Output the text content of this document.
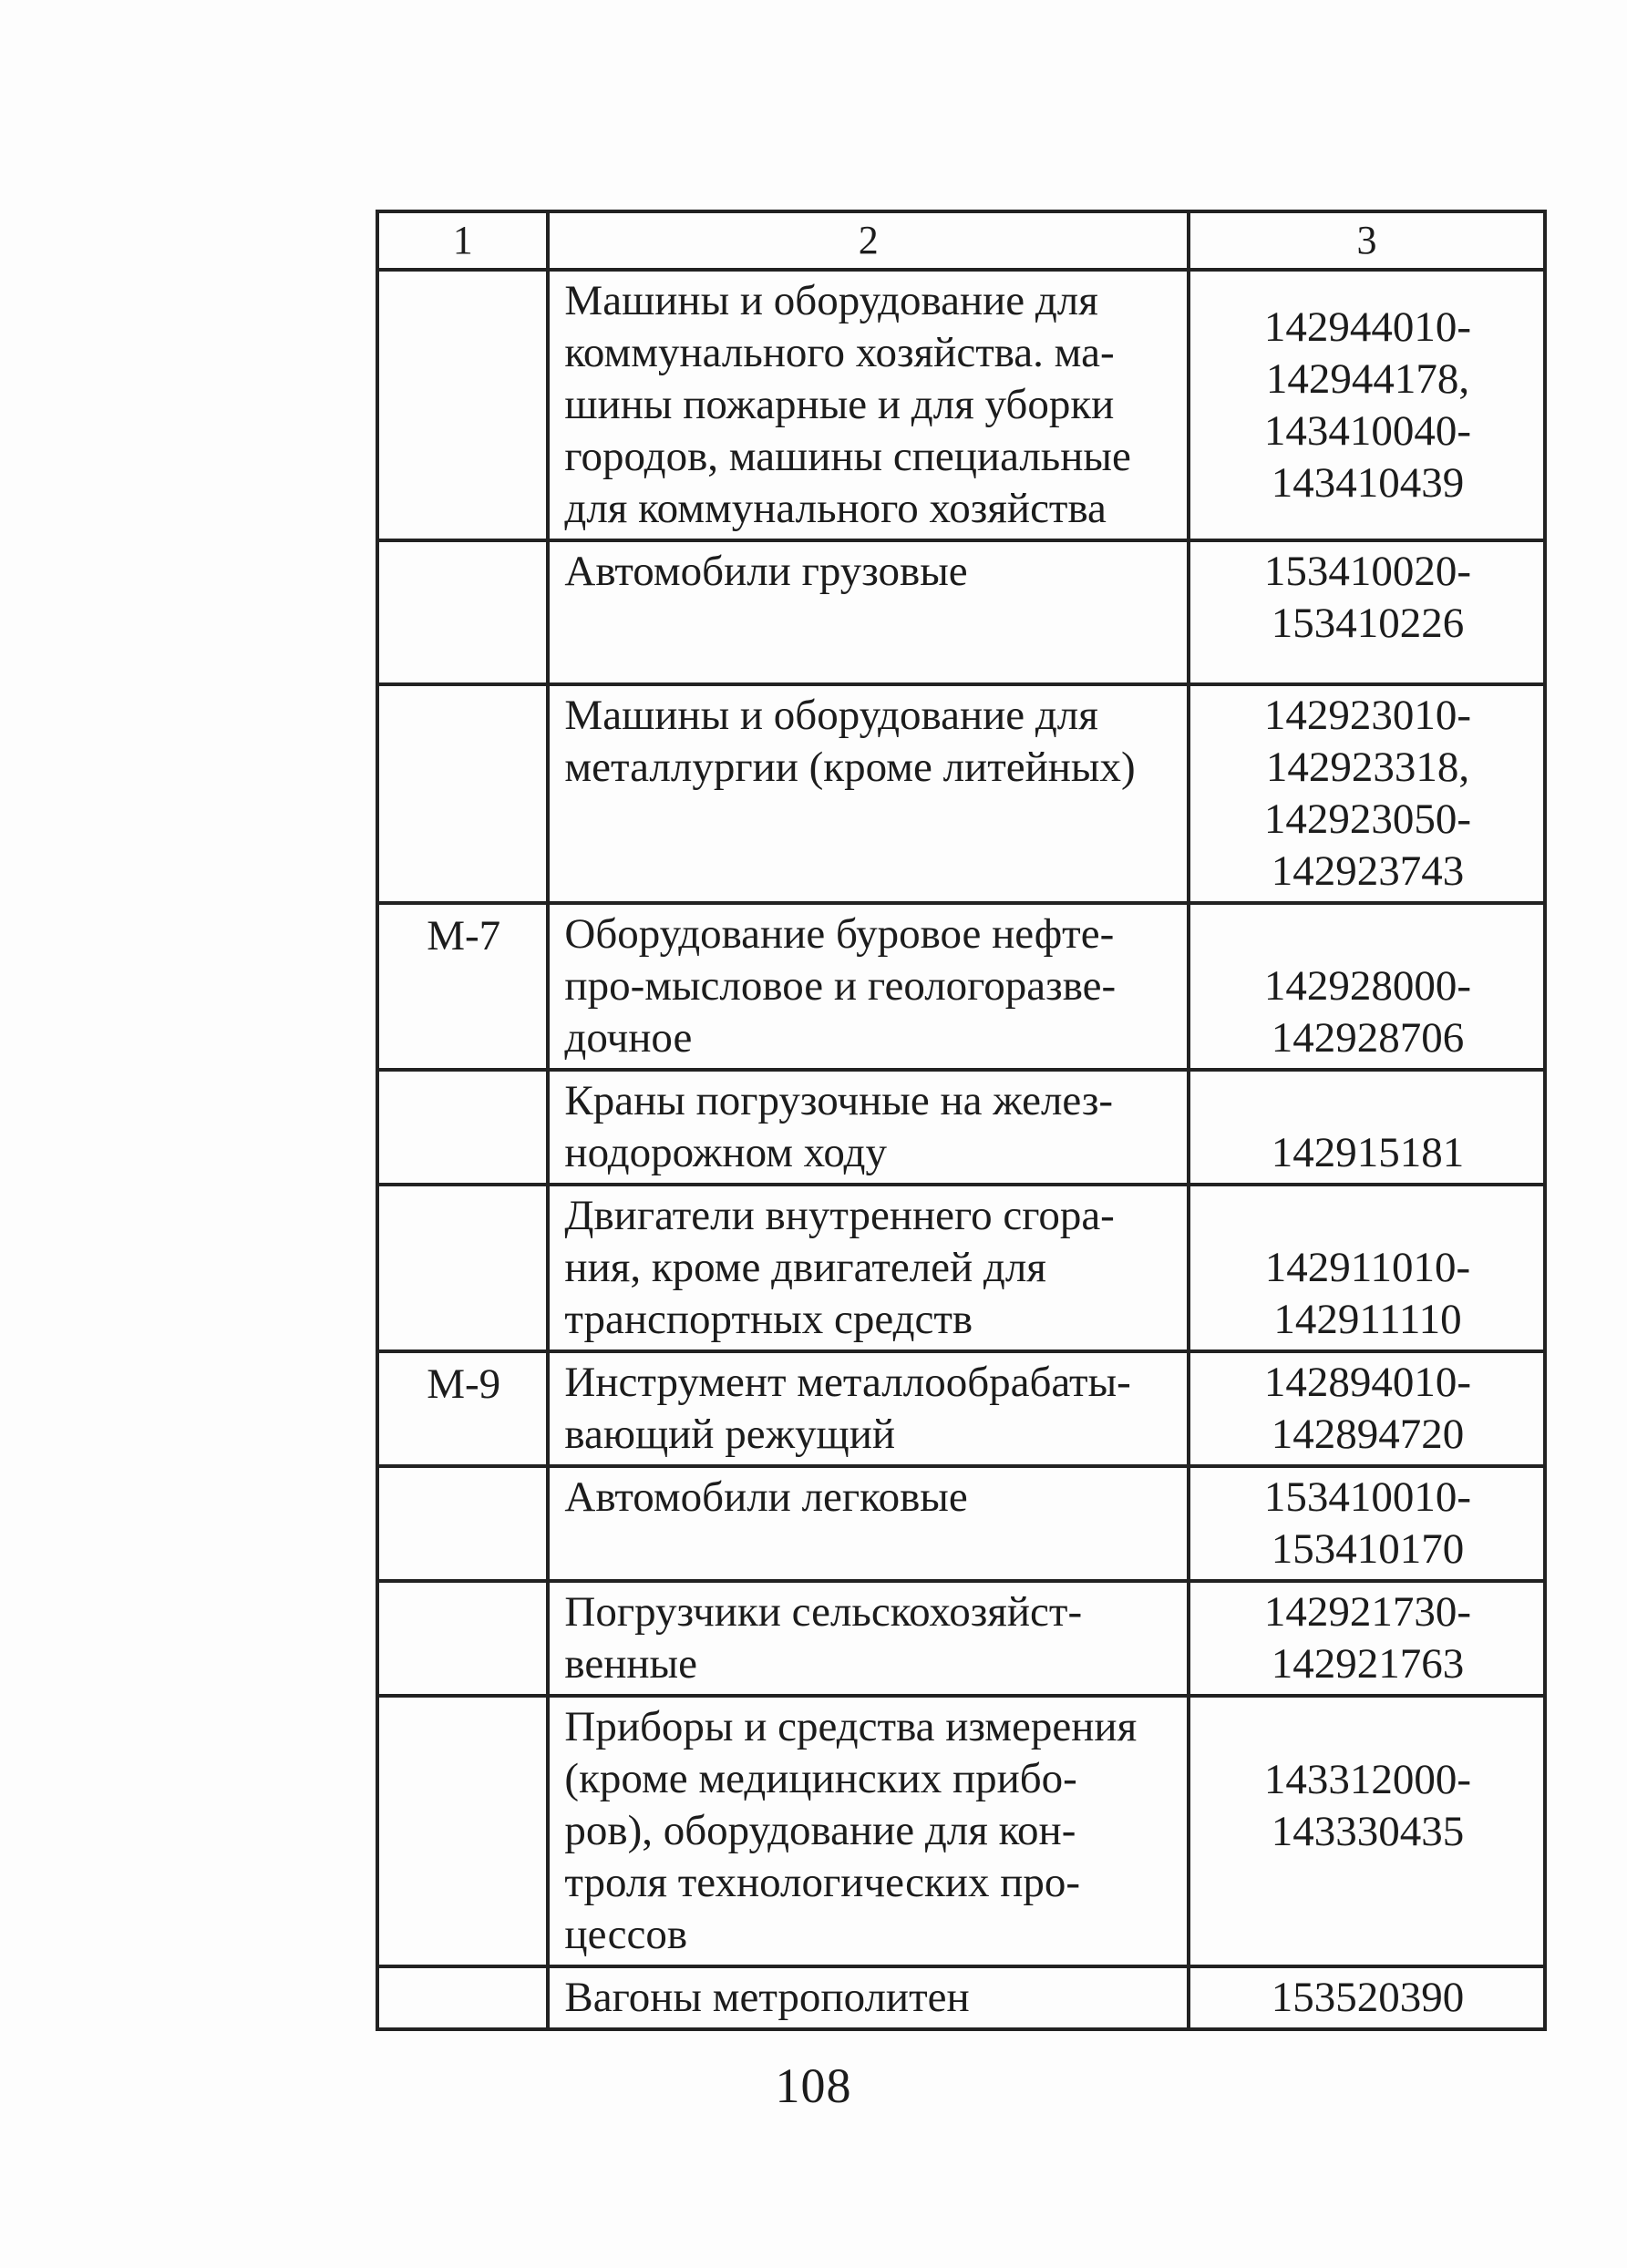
1	2	3

	Машины и оборудование для
коммунального хозяйства. ма-
шины пожарные и для уборки
городов, машины специальные
для коммунального хозяйства	142944010-
142944178,
143410040-
143410439

	Автомобили грузовые	153410020-
153410226

	Машины и оборудование для
металлургии (кроме литейных)	142923010-
142923318,
142923050-
142923743

М-7	Оборудование буровое нефте-
про-мысловое и геологоразве-
дочное	142928000-
142928706

	Краны погрузочные на желез-
нодорожном ходу	142915181

	Двигатели внутреннего сгора-
ния, кроме двигателей для
транспортных средств	142911010-
142911110

М-9	Инструмент металлообрабаты-
вающий режущий	142894010-
142894720

	Автомобили легковые	153410010-
153410170

	Погрузчики сельскохозяйст-
венные	142921730-
142921763

	Приборы и средства измерения
(кроме медицинских прибо-
ров), оборудование для кон-
троля технологических про-
цессов	143312000-
143330435

	Вагоны метрополитен	153520390
108
